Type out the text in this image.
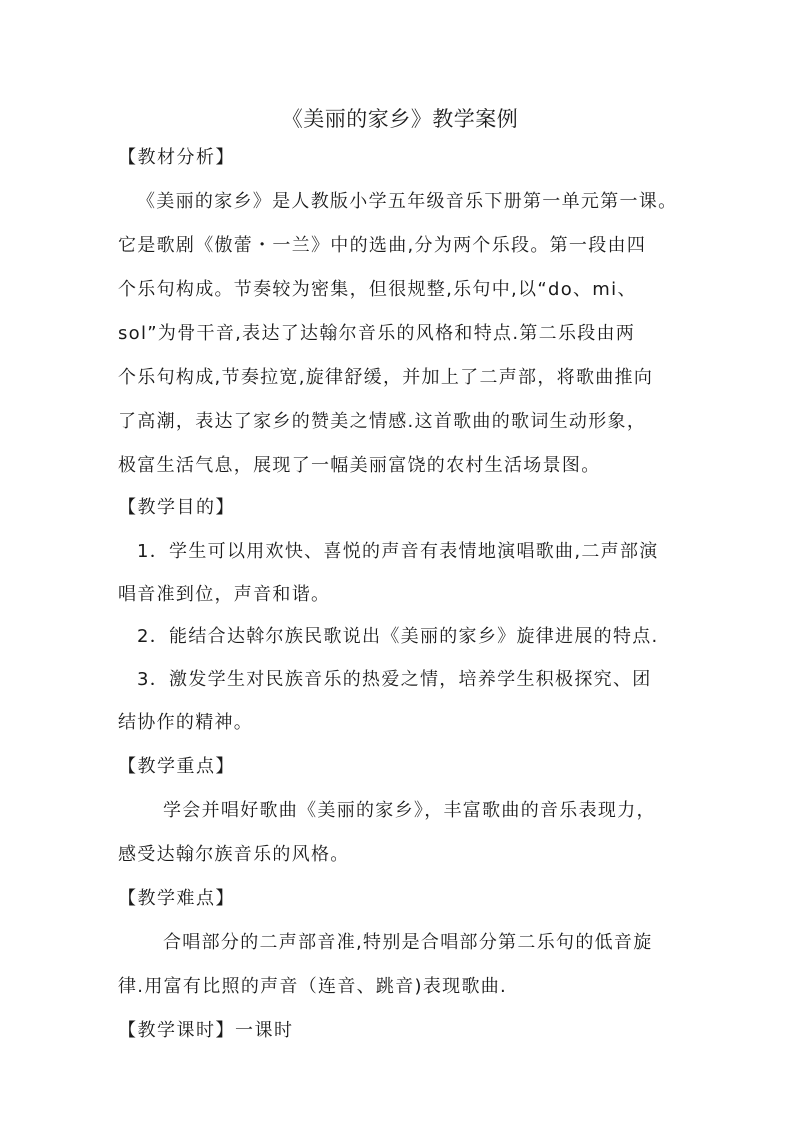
《美丽的家乡》教学案例
【教材分析】
《美丽的家乡》是人教版小学五年级音乐下册第一单元第一课。
它是歌剧《傲蕾・一兰》中的选曲,分为两个乐段。第一段由四
个乐句构成。节奏较为密集，但很规整,乐句中,以“do、mi、
sol”为骨干音,表达了达翰尔音乐的风格和特点.第二乐段由两
个乐句构成,节奏拉宽,旋律舒缓，并加上了二声部，将歌曲推向
了高潮，表达了家乡的赞美之情感.这首歌曲的歌词生动形象，
极富生活气息，展现了一幅美丽富饶的农村生活场景图。
【教学目的】
1．学生可以用欢快、喜悦的声音有表情地演唱歌曲,二声部演
唱音准到位，声音和谐。
2．能结合达斡尔族民歌说出《美丽的家乡》旋律进展的特点.
3．激发学生对民族音乐的热爱之情，培养学生积极探究、团
结协作的精神。
【教学重点】
学会并唱好歌曲《美丽的家乡》，丰富歌曲的音乐表现力，
感受达翰尔族音乐的风格。
【教学难点】
合唱部分的二声部音准,特别是合唱部分第二乐句的低音旋
律.用富有比照的声音（连音、跳音)表现歌曲.
【教学课时】一课时
